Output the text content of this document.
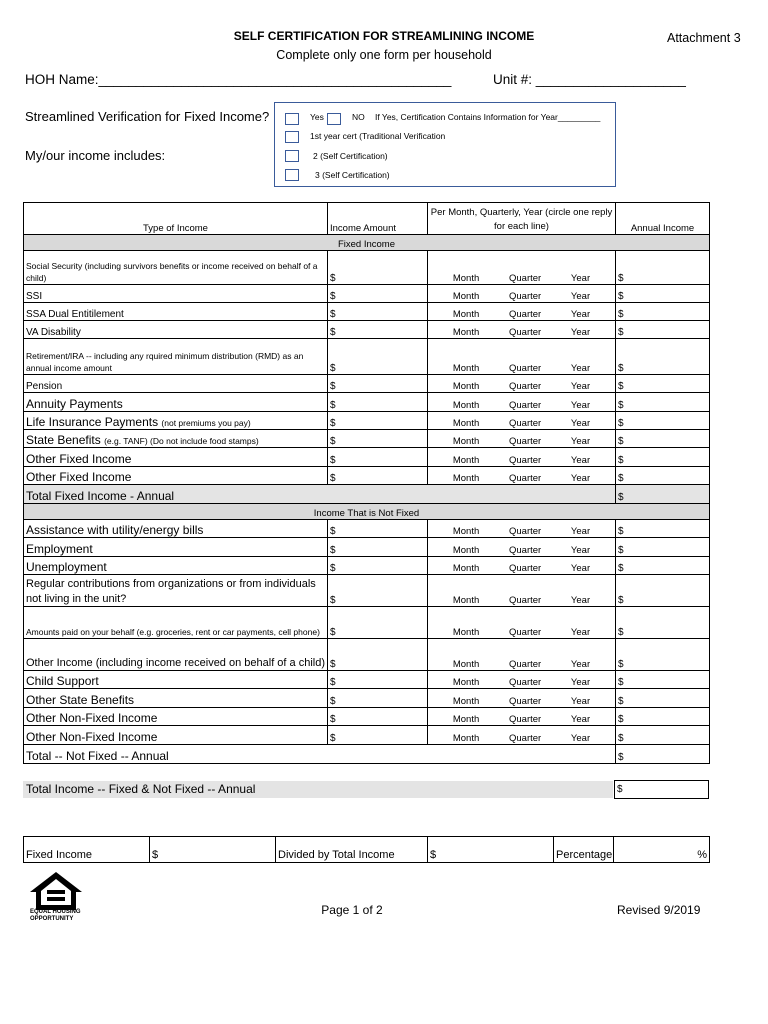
SELF CERTIFICATION FOR STREAMLINING INCOME
Complete only one form per household
Attachment 3
HOH Name:_______________________________________________	Unit #: ____________________
Streamlined Verification for Fixed Income?
My/our income includes:
Yes	NO If Yes, Certification Contains Information for Year_________
1st year cert (Traditional Verification
2 (Self Certification)
3 (Self Certification)
Type of Income	Income Amount	Per Month, Quarterly, Year (circle one reply for each line)	Annual Income
Fixed Income			
Social Security (including survivors benefits or income received on behalf of a child)	$	Month Quarter Year	$
SSI	$	Month Quarter Year	$
SSA Dual Entitilement	$	Month Quarter Year	$
VA Disability	$	Month Quarter Year	$
Retirement/IRA -- including any rquired minimum distribution (RMD) as an annual income amount	$	Month Quarter Year	$
Pension	$	Month Quarter Year	$
Annuity Payments	$	Month Quarter Year	$
Life Insurance Payments (not premiums you pay)	$	Month Quarter Year	$
State Benefits (e.g. TANF) (Do not include food stamps)	$	Month Quarter Year	$
Other Fixed Income	$	Month Quarter Year	$
Other Fixed Income	$	Month Quarter Year	$
Total Fixed Income - Annual			$
Income That is Not Fixed			
Assistance with utility/energy bills	$	Month Quarter Year	$
Employment	$	Month Quarter Year	$
Unemployment	$	Month Quarter Year	$
Regular contributions from organizations or from individuals not living in the unit?	$	Month Quarter Year	$
Amounts paid on your behalf (e.g. groceries, rent or car payments, cell phone)	$	Month Quarter Year	$
Other Income (including income received on behalf of a child)	$	Month Quarter Year	$
Child Support	$	Month Quarter Year	$
Other State Benefits	$	Month Quarter Year	$
Other Non-Fixed Income	$	Month Quarter Year	$
Other Non-Fixed Income	$	Month Quarter Year	$
Total -- Not Fixed -- Annual			$
Total Income -- Fixed & Not Fixed -- Annual	$
Fixed Income	$	Divided by Total Income	$	Percentage	%
EQUAL HOUSING OPPORTUNITY
Page 1 of 2	Revised 9/2019
